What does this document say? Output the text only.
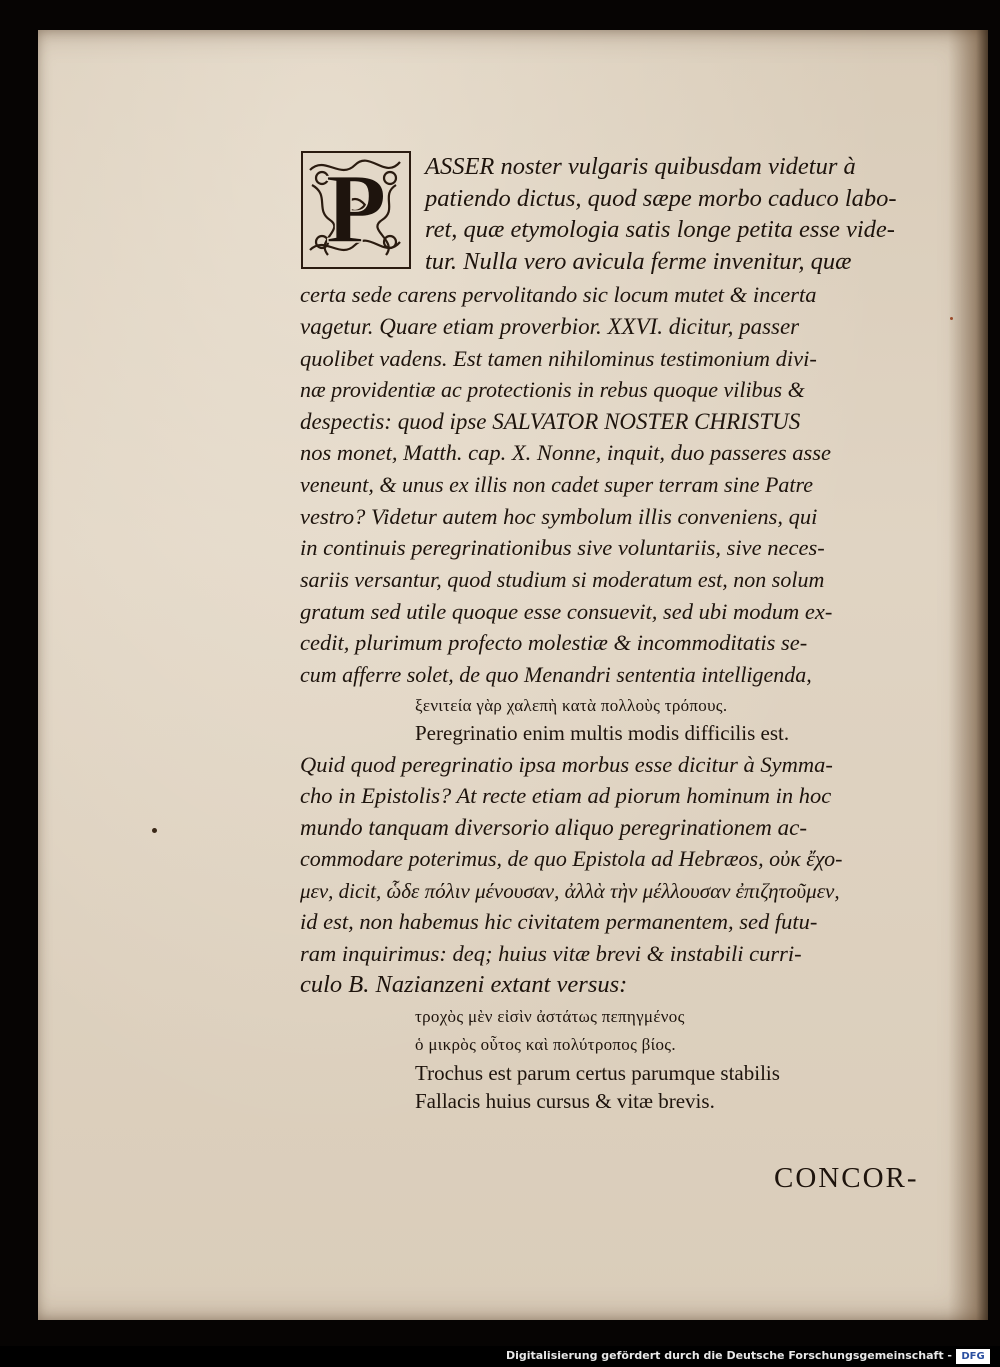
P ASSER noster vulgaris quibusdam videtur à

patiendo dictus, quod sæpe morbo caduco labo-

ret, quæ etymologia satis longe petita esse vide-

tur. Nulla vero avicula ferme invenitur, quæ

certa sede carens pervolitando sic locum mutet & incerta

vagetur. Quare etiam proverbior. XXVI. dicitur, passer

quolibet vadens. Est tamen nihilominus testimonium divi-

næ providentiæ ac protectionis in rebus quoque vilibus &

despectis: quod ipse SALVATOR NOSTER CHRISTUS

nos monet, Matth. cap. X. Nonne, inquit, duo passeres asse

veneunt, & unus ex illis non cadet super terram sine Patre

vestro? Videtur autem hoc symbolum illis conveniens, qui

in continuis peregrinationibus sive voluntariis, sive neces-

sariis versantur, quod studium si moderatum est, non solum

gratum sed utile quoque esse consuevit, sed ubi modum ex-

cedit, plurimum profecto molestiæ & incommoditatis se-

cum afferre solet, de quo Menandri sententia intelligenda,

ξενιτεία γὰρ χαλεπὴ κατὰ πολλοὺς τρόπους.

Peregrinatio enim multis modis difficilis est.

Quid quod peregrinatio ipsa morbus esse dicitur à Symma-

cho in Epistolis? At recte etiam ad piorum hominum in hoc

mundo tanquam diversorio aliquo peregrinationem ac-

commodare poterimus, de quo Epistola ad Hebræos, οὐκ ἔχο-

μεν, dicit, ὧδε πόλιν μένουσαν, ἀλλὰ τὴν μέλλουσαν ἐπιζητοῦμεν,

id est, non habemus hic civitatem permanentem, sed futu-

ram inquirimus: deq; huius vitæ brevi & instabili curri-

culo B. Nazianzeni extant versus:

τροχὸς μὲν εἰσὶν ἀστάτως πεπηγμένος

ὁ μικρὸς οὗτος καὶ πολύτροπος βίος.

Trochus est parum certus parumque stabilis

Fallacis huius cursus & vitæ brevis.

CONCOR-

Digitalisierung gefördert durch die Deutsche Forschungsgemeinschaft - DFG
